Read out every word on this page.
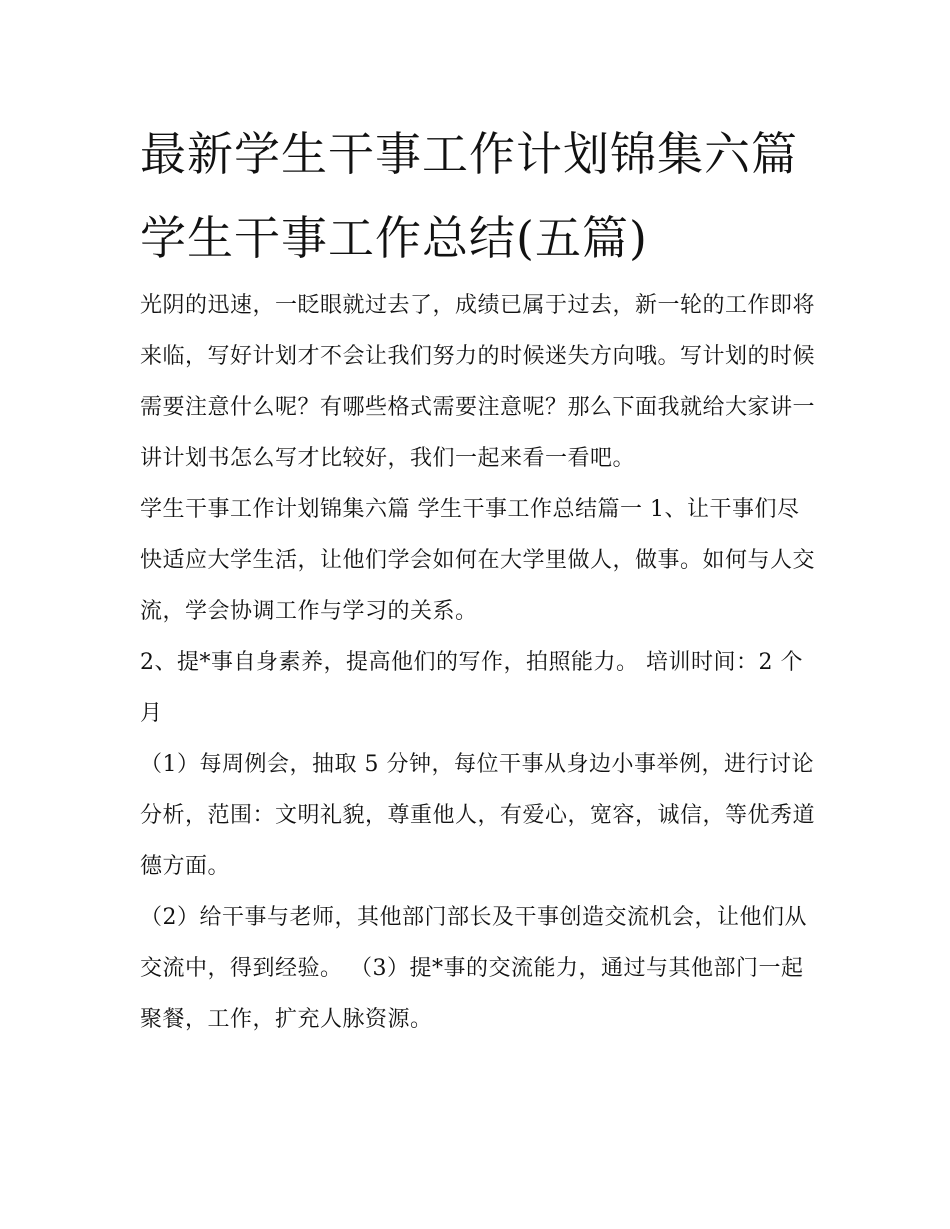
最新学生干事工作计划锦集六篇 学生干事工作总结(五篇)

光阴的迅速，一眨眼就过去了，成绩已属于过去，新一轮的工作即将来临，写好计划才不会让我们努力的时候迷失方向哦。写计划的时候需要注意什么呢？有哪些格式需要注意呢？那么下面我就给大家讲一讲计划书怎么写才比较好，我们一起来看一看吧。

学生干事工作计划锦集六篇 学生干事工作总结篇一 1、让干事们尽快适应大学生活，让他们学会如何在大学里做人，做事。如何与人交流，学会协调工作与学习的关系。

2、提*事自身素养，提高他们的写作，拍照能力。 培训时间：2 个月

（1）每周例会，抽取 5 分钟，每位干事从身边小事举例，进行讨论分析，范围：文明礼貌，尊重他人，有爱心，宽容，诚信，等优秀道德方面。

（2）给干事与老师，其他部门部长及干事创造交流机会，让他们从交流中，得到经验。 （3）提*事的交流能力，通过与其他部门一起聚餐，工作，扩充人脉资源。
